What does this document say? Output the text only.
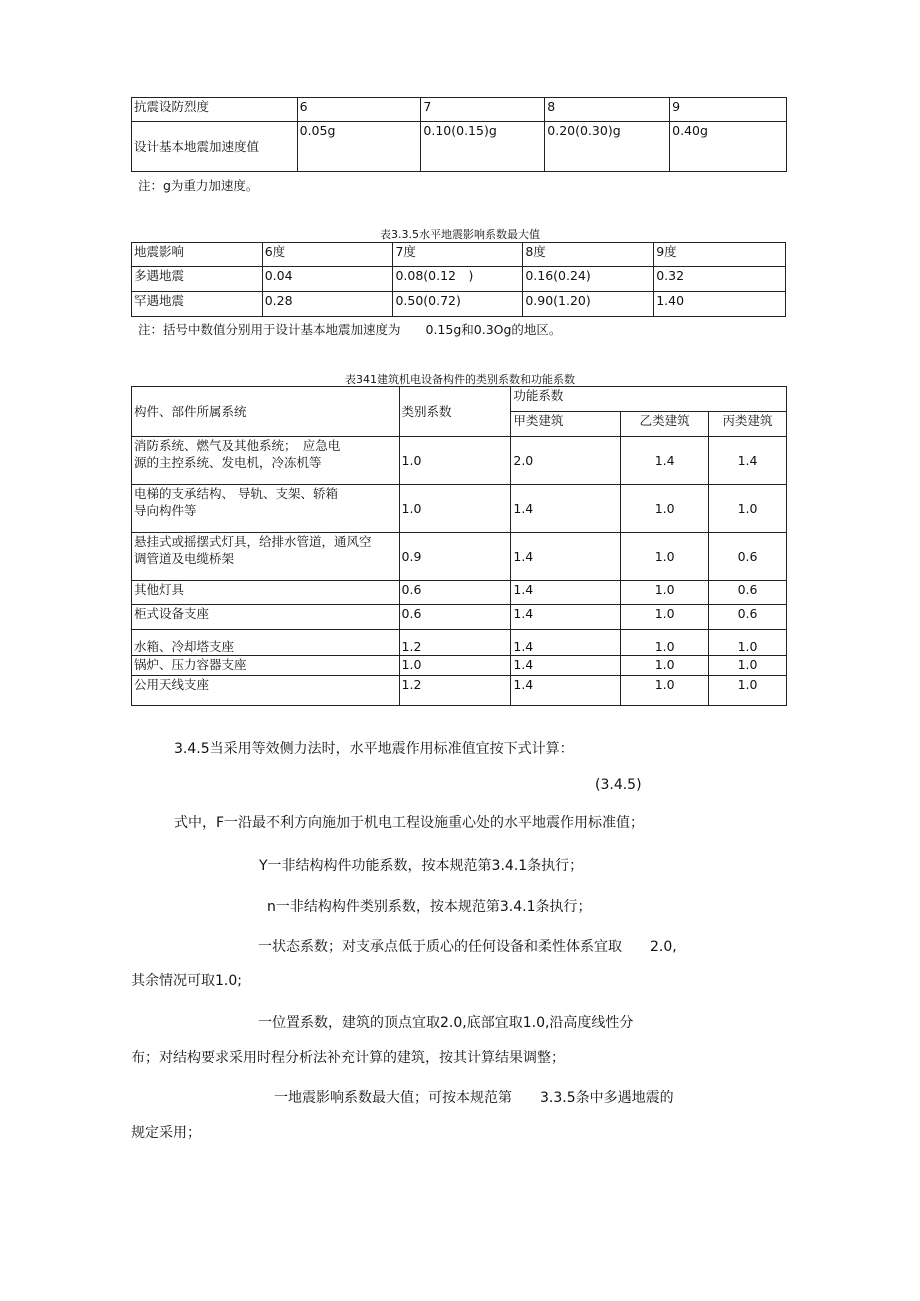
抗震设防烈度	6	7	8	9
设计基本地震加速度值	0.05g	0.10(0.15)g	0.20(0.30)g	0.40g
注：g为重力加速度。
表3.3.5水平地震影响系数最大值
地震影响	6度	7度	8度	9度
多遇地震	0.04	0.08(0.12　)	0.16(0.24)	0.32
罕遇地震	0.28	0.50(0.72)	0.90(1.20)	1.40
注：括号中数值分别用于设计基本地震加速度为　　0.15g和0.3Og的地区。
表341建筑机电设备构件的类别系数和功能系数
构件、部件所属系统	类别系数	功能系数		
		甲类建筑	乙类建筑	丙类建筑

消防系统、燃气及其他系统；　应急电
源的主控系统、发电机，冷冻机等	1.0	2.0	1.4	1.4

电梯的支承结构、 导轨、支架、轿箱
导向构件等	1.0	1.4	1.0	1.0

悬挂式或摇摆式灯具，给排水管道，通风空
调管道及电缆桥架	0.9	1.4	1.0	0.6
其他灯具	0.6	1.4	1.0	0.6
柜式设备支座	0.6	1.4	1.0	0.6
水箱、冷却塔支座	1.2	1.4	1.0	1.0
锅炉、压力容器支座	1.0	1.4	1.0	1.0
公用天线支座	1.2	1.4	1.0	1.0
3.4.5当采用等效侧力法时，水平地震作用标准值宜按下式计算：
(3.4.5)
式中，F一沿最不利方向施加于机电工程设施重心处的水平地震作用标准值；
Y一非结构构件功能系数，按本规范第3.4.1条执行；
n一非结构构件类别系数，按本规范第3.4.1条执行；
一状态系数；对支承点低于质心的任何设备和柔性体系宜取　　2.0,
其余情况可取1.0;
一位置系数，建筑的顶点宜取2.0,底部宜取1.0,沿高度线性分
布；对结构要求采用时程分析法补充计算的建筑，按其计算结果调整；
一地震影响系数最大值；可按本规范第　　3.3.5条中多遇地震的
规定采用；
